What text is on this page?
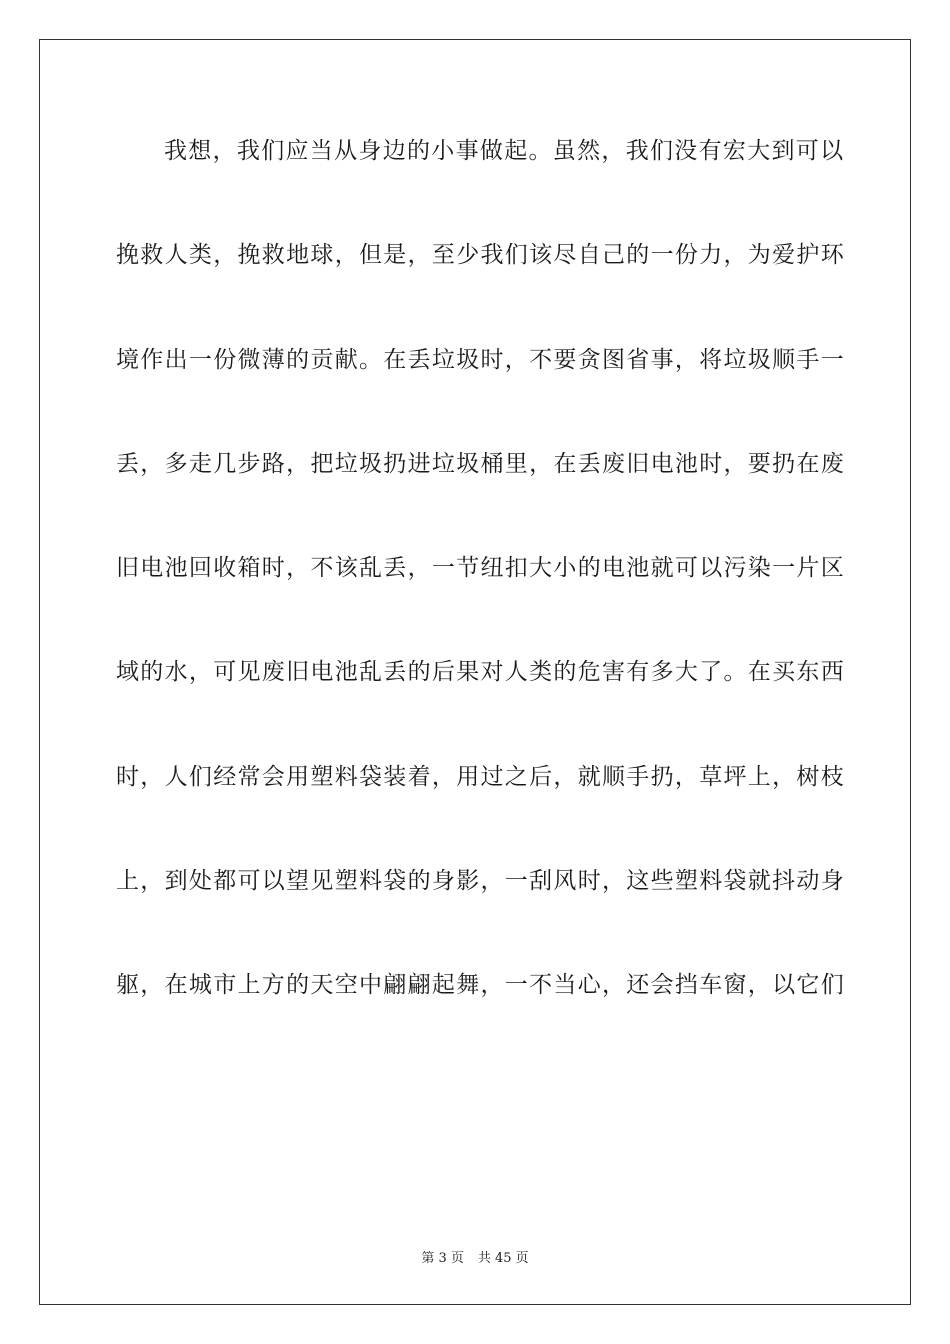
我想，我们应当从身边的小事做起。虽然，我们没有宏大到可以
挽救人类，挽救地球，但是，至少我们该尽自己的一份力，为爱护环
境作出一份微薄的贡献。在丢垃圾时，不要贪图省事，将垃圾顺手一
丢，多走几步路，把垃圾扔进垃圾桶里，在丢废旧电池时，要扔在废
旧电池回收箱时，不该乱丢，一节纽扣大小的电池就可以污染一片区
域的水，可见废旧电池乱丢的后果对人类的危害有多大了。在买东西
时，人们经常会用塑料袋装着，用过之后，就顺手扔，草坪上，树枝
上，到处都可以望见塑料袋的身影，一刮风时，这些塑料袋就抖动身
躯，在城市上方的天空中翩翩起舞，一不当心，还会挡车窗，以它们
第 3 页 共 45 页
